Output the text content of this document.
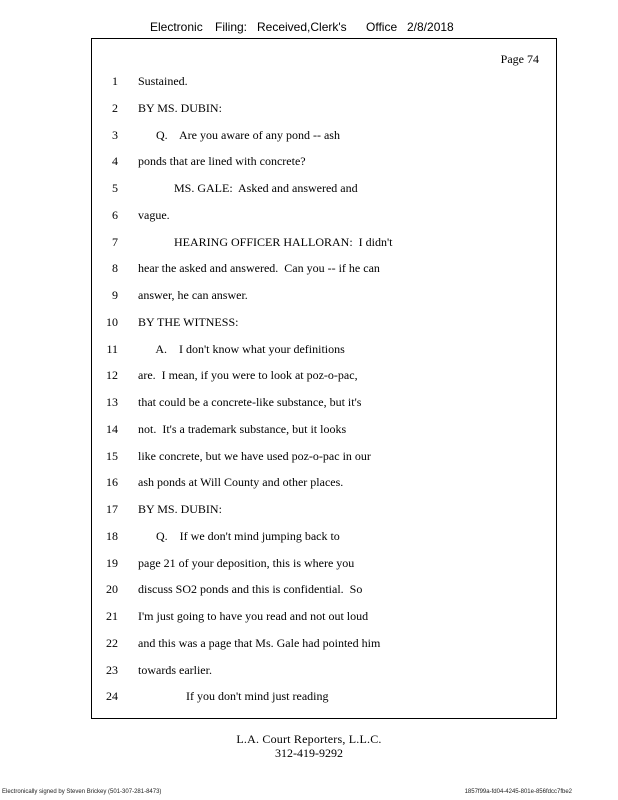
Electronic

Filing:

Received,Clerk's

Office

2/8/2018

Page 74
1 Sustained.
2 BY MS. DUBIN:
3 Q.    Are you aware of any pond -- ash
4 ponds that are lined with concrete?
5 MS. GALE:  Asked and answered and
6 vague.
7 HEARING OFFICER HALLORAN:  I didn't
8 hear the asked and answered.  Can you -- if he can
9 answer, he can answer.
10 BY THE WITNESS:
11 A.    I don't know what your definitions
12 are.  I mean, if you were to look at poz-o-pac,
13 that could be a concrete-like substance, but it's
14 not.  It's a trademark substance, but it looks
15 like concrete, but we have used poz-o-pac in our
16 ash ponds at Will County and other places.
17 BY MS. DUBIN:
18 Q.    If we don't mind jumping back to
19 page 21 of your deposition, this is where you
20 discuss SO2 ponds and this is confidential.  So
21 I'm just going to have you read and not out loud
22 and this was a page that Ms. Gale had pointed him
23 towards earlier.
24 If you don't mind just reading
L.A. Court Reporters, L.L.C.
312-419-9292
Electronically signed by Steven Brickey (501-307-281-8473)	1857f99a-fd04-4245-801e-856fdcc7fbe2
